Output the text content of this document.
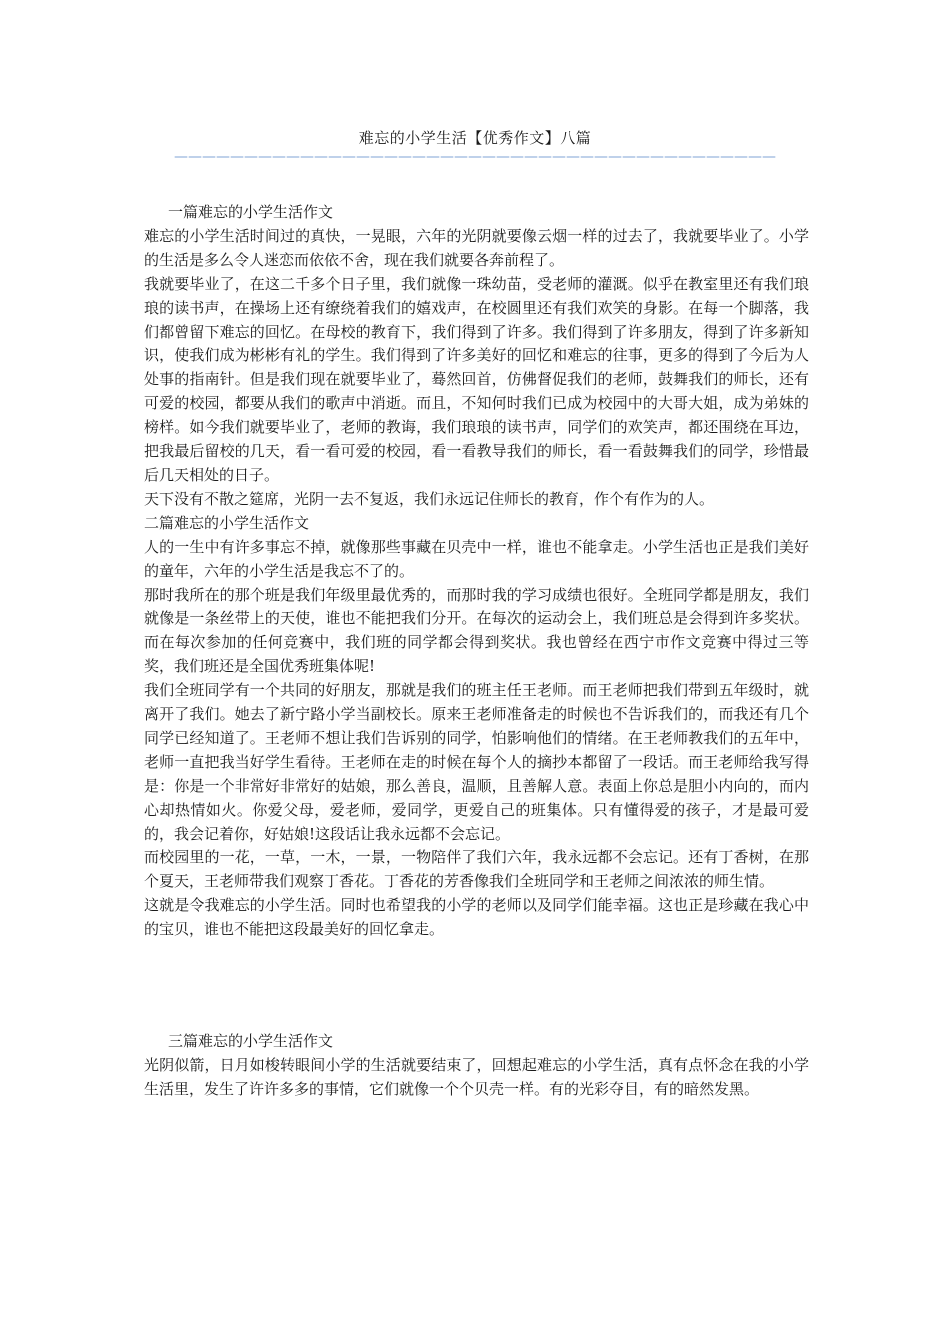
难忘的小学生活【优秀作文】八篇
———————————————————————————————————————————

一篇难忘的小学生活作文

难忘的小学生活时间过的真快，一晃眼，六年的光阴就要像云烟一样的过去了，我就要毕业了。小学的生活是多么令人迷恋而依依不舍，现在我们就要各奔前程了。

我就要毕业了，在这二千多个日子里，我们就像一珠幼苗，受老师的灌溉。似乎在教室里还有我们琅琅的读书声，在操场上还有缭绕着我们的嬉戏声，在校圆里还有我们欢笑的身影。在每一个脚落，我们都曾留下难忘的回忆。在母校的教育下，我们得到了许多。我们得到了许多朋友，得到了许多新知识，使我们成为彬彬有礼的学生。我们得到了许多美好的回忆和难忘的往事，更多的得到了今后为人处事的指南针。但是我们现在就要毕业了，蓦然回首，仿佛督促我们的老师，鼓舞我们的师长，还有可爱的校园，都要从我们的歌声中消逝。而且，不知何时我们已成为校园中的大哥大姐，成为弟妹的榜样。如今我们就要毕业了，老师的教诲，我们琅琅的读书声，同学们的欢笑声，都还围绕在耳边，把我最后留校的几天，看一看可爱的校园，看一看教导我们的师长，看一看鼓舞我们的同学，珍惜最后几天相处的日子。

天下没有不散之筵席，光阴一去不复返，我们永远记住师长的教育，作个有作为的人。

二篇难忘的小学生活作文

人的一生中有许多事忘不掉，就像那些事藏在贝壳中一样，谁也不能拿走。小学生活也正是我们美好的童年，六年的小学生活是我忘不了的。

那时我所在的那个班是我们年级里最优秀的，而那时我的学习成绩也很好。全班同学都是朋友，我们就像是一条丝带上的天使，谁也不能把我们分开。在每次的运动会上，我们班总是会得到许多奖状。而在每次参加的任何竞赛中，我们班的同学都会得到奖状。我也曾经在西宁市作文竞赛中得过三等奖，我们班还是全国优秀班集体呢!

我们全班同学有一个共同的好朋友，那就是我们的班主任王老师。而王老师把我们带到五年级时，就离开了我们。她去了新宁路小学当副校长。原来王老师准备走的时候也不告诉我们的，而我还有几个同学已经知道了。王老师不想让我们告诉别的同学，怕影响他们的情绪。在王老师教我们的五年中，老师一直把我当好学生看待。王老师在走的时候在每个人的摘抄本都留了一段话。而王老师给我写得是：你是一个非常好非常好的姑娘，那么善良，温顺，且善解人意。表面上你总是胆小内向的，而内心却热情如火。你爱父母，爱老师，爱同学，更爱自己的班集体。只有懂得爱的孩子，才是最可爱的，我会记着你，好姑娘!这段话让我永远都不会忘记。

而校园里的一花，一草，一木，一景，一物陪伴了我们六年，我永远都不会忘记。还有丁香树，在那个夏天，王老师带我们观察丁香花。丁香花的芳香像我们全班同学和王老师之间浓浓的师生情。

这就是令我难忘的小学生活。同时也希望我的小学的老师以及同学们能幸福。这也正是珍藏在我心中的宝贝，谁也不能把这段最美好的回忆拿走。

三篇难忘的小学生活作文

光阴似箭，日月如梭转眼间小学的生活就要结束了，回想起难忘的小学生活，真有点怀念在我的小学生活里，发生了许许多多的事情，它们就像一个个贝壳一样。有的光彩夺目，有的暗然发黑。
